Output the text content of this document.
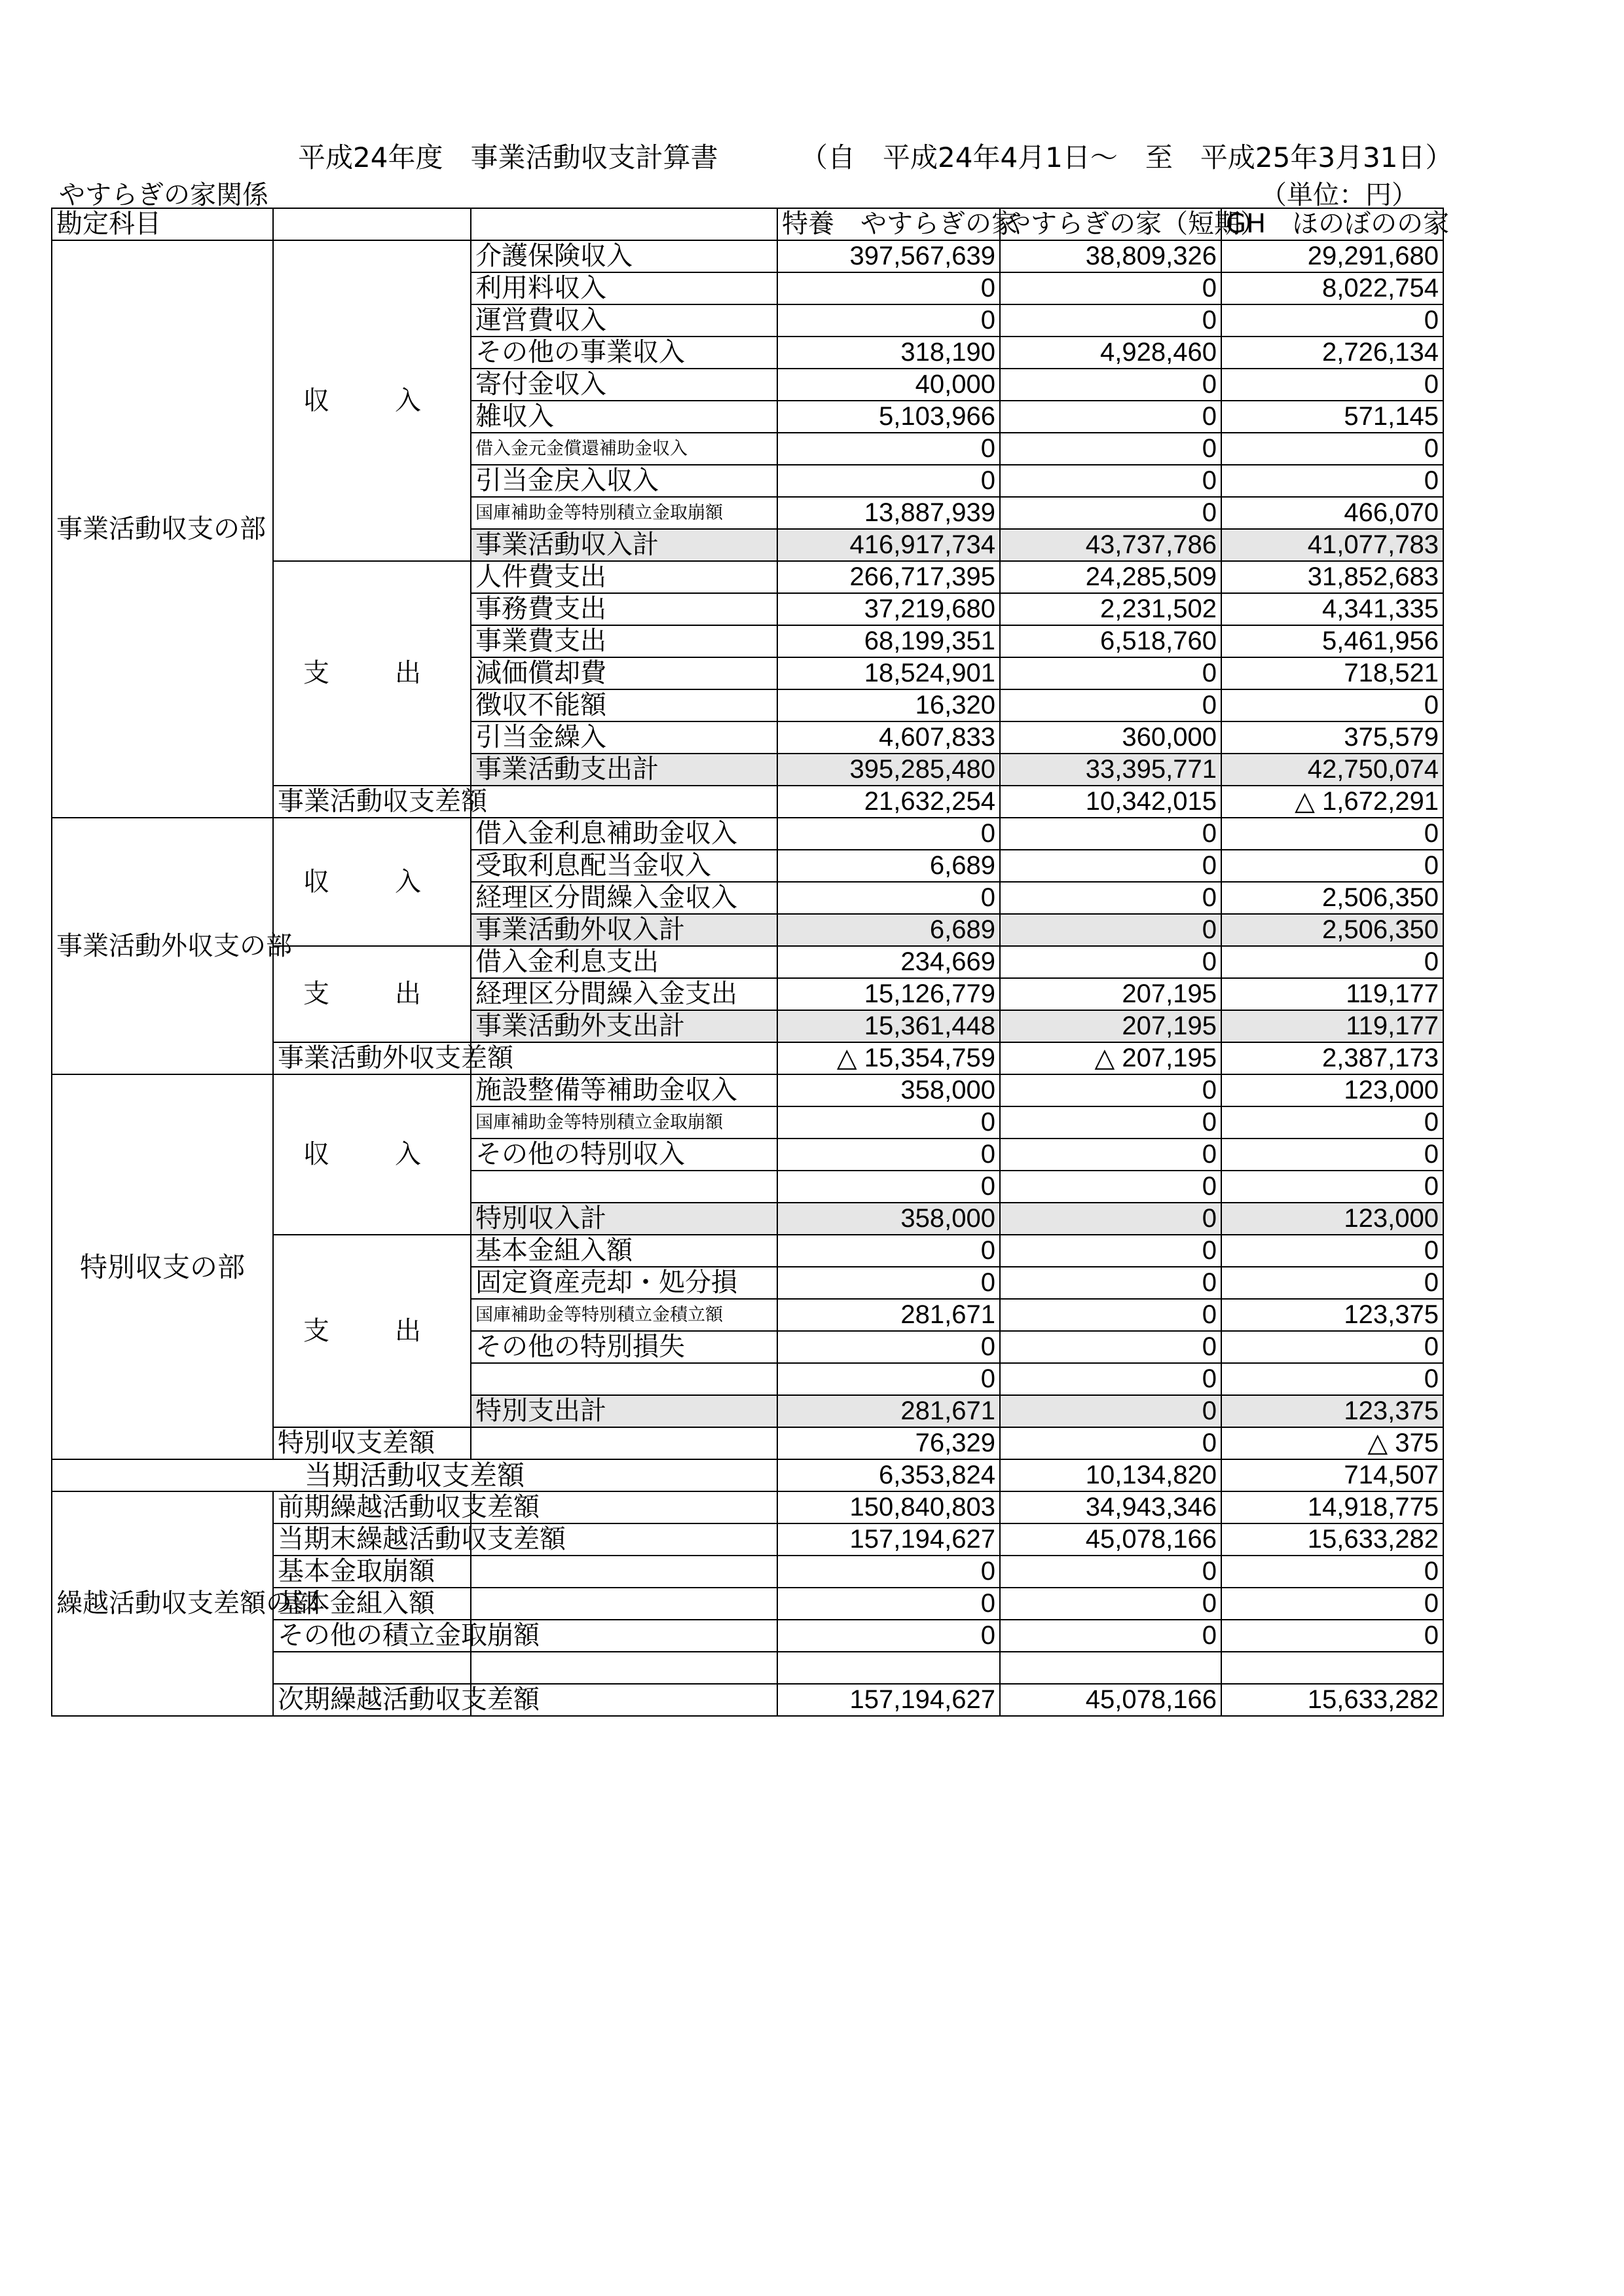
平成24年度　事業活動収支計算書	（自　平成24年4月1日～　至　平成25年3月31日）
やすらぎの家関係	（単位：円）
勘定科目			特養　やすらぎの家	やすらぎの家（短期）	GH　ほのぼのの家
事業活動収支の部	収　入	介護保険収入	397,567,639	38,809,326	29,291,680
		利用料収入	0	0	8,022,754
		運営費収入	0	0	0
		その他の事業収入	318,190	4,928,460	2,726,134
		寄付金収入	40,000	0	0
		雑収入	5,103,966	0	571,145
		借入金元金償還補助金収入	0	0	0
		引当金戻入収入	0	0	0
		国庫補助金等特別積立金取崩額	13,887,939	0	466,070
		事業活動収入計	416,917,734	43,737,786	41,077,783
	支　出	人件費支出	266,717,395	24,285,509	31,852,683
		事務費支出	37,219,680	2,231,502	4,341,335
		事業費支出	68,199,351	6,518,760	5,461,956
		減価償却費	18,524,901	0	718,521
		徴収不能額	16,320	0	0
		引当金繰入	4,607,833	360,000	375,579
		事業活動支出計	395,285,480	33,395,771	42,750,074
	事業活動収支差額		21,632,254	10,342,015	△ 1,672,291
事業活動外収支の部	収　入	借入金利息補助金収入	0	0	0
		受取利息配当金収入	6,689	0	0
		経理区分間繰入金収入	0	0	2,506,350
		事業活動外収入計	6,689	0	2,506,350
	支　出	借入金利息支出	234,669	0	0
		経理区分間繰入金支出	15,126,779	207,195	119,177
		事業活動外支出計	15,361,448	207,195	119,177
	事業活動外収支差額		△ 15,354,759	△ 207,195	2,387,173
特別収支の部	収　入	施設整備等補助金収入	358,000	0	123,000
		国庫補助金等特別積立金取崩額	0	0	0
		その他の特別収入	0	0	0
			0	0	0
		特別収入計	358,000	0	123,000
	支　出	基本金組入額	0	0	0
		固定資産売却・処分損	0	0	0
		国庫補助金等特別積立金積立額	281,671	0	123,375
		その他の特別損失	0	0	0
			0	0	0
		特別支出計	281,671	0	123,375
	特別収支差額		76,329	0	△ 375
当期活動収支差額			6,353,824	10,134,820	714,507
繰越活動収支差額の部	前期繰越活動収支差額		150,840,803	34,943,346	14,918,775
	当期末繰越活動収支差額		157,194,627	45,078,166	15,633,282
	基本金取崩額		0	0	0
	基本金組入額		0	0	0
	その他の積立金取崩額		0	0	0

	次期繰越活動収支差額		157,194,627	45,078,166	15,633,282
